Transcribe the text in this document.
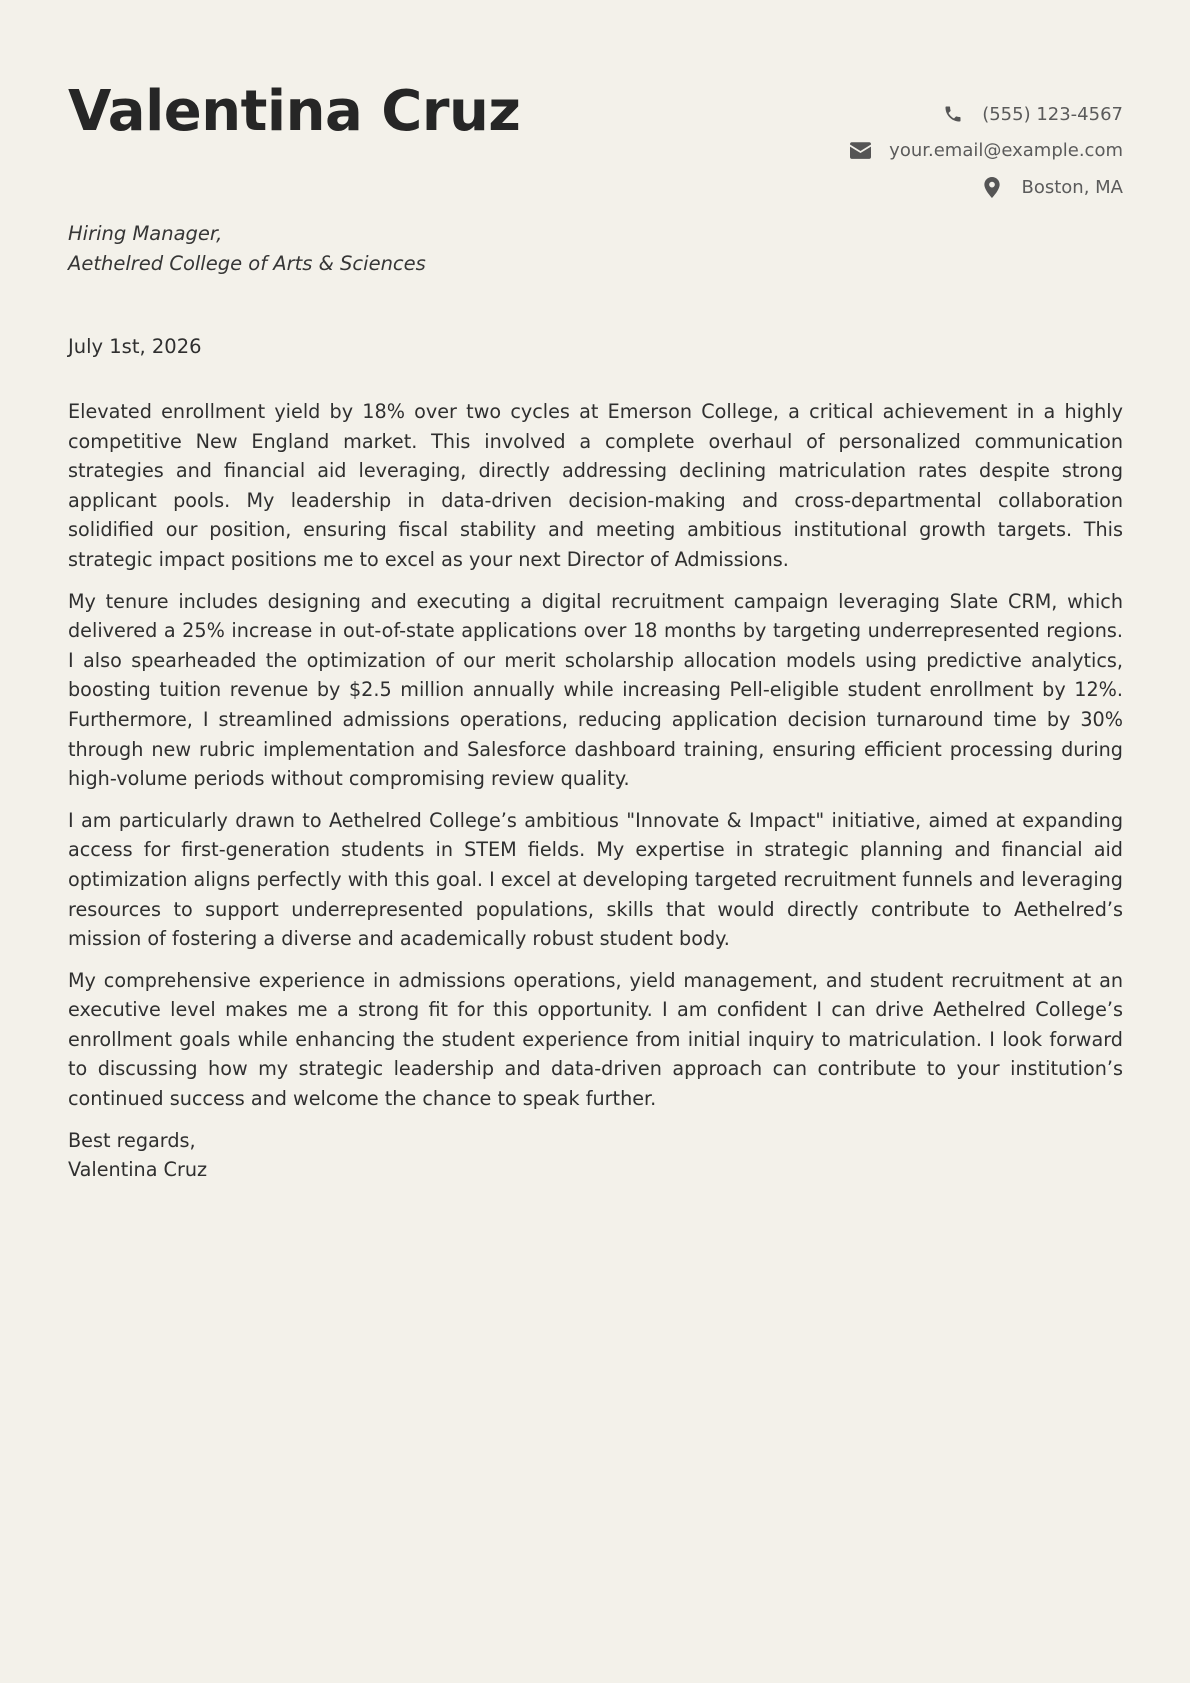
Valentina Cruz	(555) 123-4567
your.email@example.com
Boston, MA
Hiring Manager,
Aethelred College of Arts & Sciences
July 1st, 2026

Elevated enrollment yield by 18% over two cycles at Emerson College, a critical achievement in a highly competitive New England market. This involved a complete overhaul of personalized communication strategies and financial aid leveraging, directly addressing declining matriculation rates despite strong applicant pools. My leadership in data-driven decision-making and cross-departmental collaboration solidified our position, ensuring fiscal stability and meeting ambitious institutional growth targets. This strategic impact positions me to excel as your next Director of Admissions.

My tenure includes designing and executing a digital recruitment campaign leveraging Slate CRM, which delivered a 25% increase in out-of-state applications over 18 months by targeting underrepresented regions. I also spearheaded the optimization of our merit scholarship allocation models using predictive analytics, boosting tuition revenue by $2.5 million annually while increasing Pell-eligible student enrollment by 12%. Furthermore, I streamlined admissions operations, reducing application decision turnaround time by 30% through new rubric implementation and Salesforce dashboard training, ensuring efficient processing during high-volume periods without compromising review quality.

I am particularly drawn to Aethelred College’s ambitious "Innovate & Impact" initiative, aimed at expanding access for first-generation students in STEM fields. My expertise in strategic planning and financial aid optimization aligns perfectly with this goal. I excel at developing targeted recruitment funnels and leveraging resources to support underrepresented populations, skills that would directly contribute to Aethelred’s mission of fostering a diverse and academically robust student body.

My comprehensive experience in admissions operations, yield management, and student recruitment at an executive level makes me a strong fit for this opportunity. I am confident I can drive Aethelred College’s enrollment goals while enhancing the student experience from initial inquiry to matriculation. I look forward to discussing how my strategic leadership and data-driven approach can contribute to your institution’s continued success and welcome the chance to speak further.

Best regards,
Valentina Cruz
